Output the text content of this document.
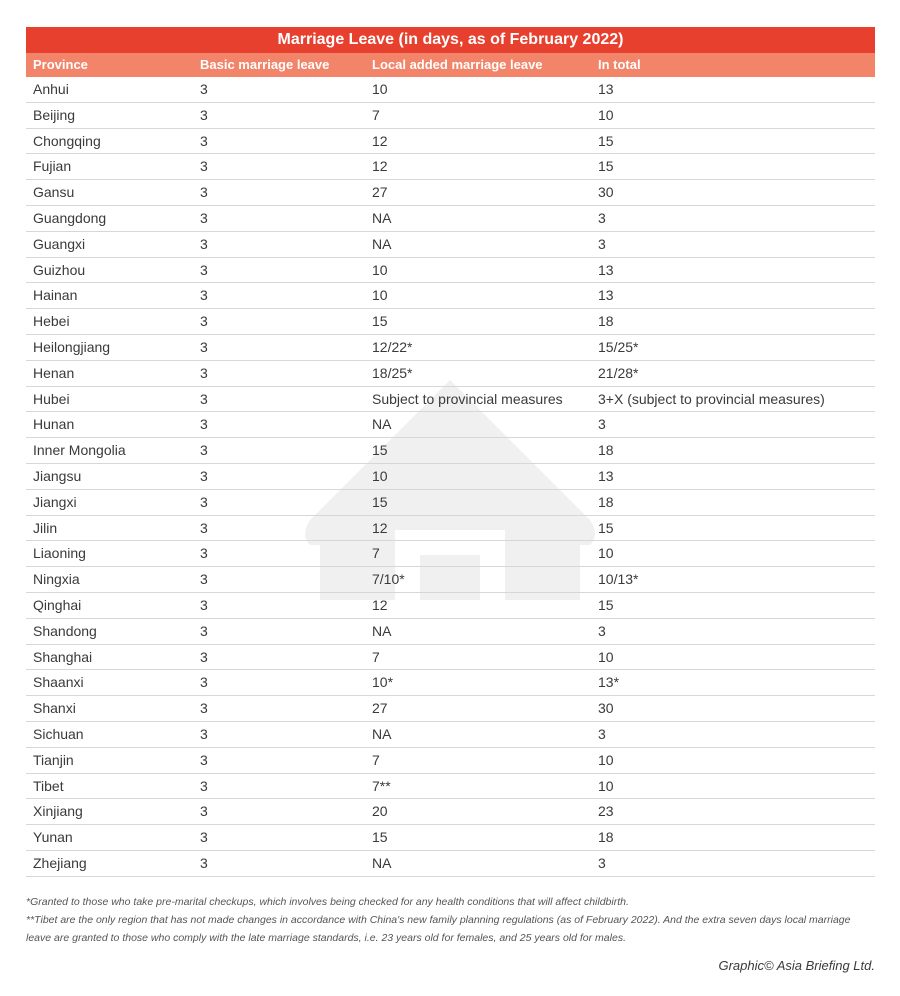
Marriage Leave (in days, as of February 2022)
Province	Basic marriage leave	Local added marriage leave	In total
Anhui	3	10	13
Beijing	3	7	10
Chongqing	3	12	15
Fujian	3	12	15
Gansu	3	27	30
Guangdong	3	NA	3
Guangxi	3	NA	3
Guizhou	3	10	13
Hainan	3	10	13
Hebei	3	15	18
Heilongjiang	3	12/22*	15/25*
Henan	3	18/25*	21/28*
Hubei	3	Subject to provincial measures	3+X (subject to provincial measures)
Hunan	3	NA	3
Inner Mongolia	3	15	18
Jiangsu	3	10	13
Jiangxi	3	15	18
Jilin	3	12	15
Liaoning	3	7	10
Ningxia	3	7/10*	10/13*
Qinghai	3	12	15
Shandong	3	NA	3
Shanghai	3	7	10
Shaanxi	3	10*	13*
Shanxi	3	27	30
Sichuan	3	NA	3
Tianjin	3	7	10
Tibet	3	7**	10
Xinjiang	3	20	23
Yunan	3	15	18
Zhejiang	3	NA	3

*Granted to those who take pre-marital checkups, which involves being checked for any health conditions that will affect childbirth.

**Tibet are the only region that has not made changes in accordance with China's new family planning regulations (as of February 2022). And the extra seven days local marriage leave are granted to those who comply with the late marriage standards, i.e. 23 years old for females, and 25 years old for males.

Graphic© Asia Briefing Ltd.
